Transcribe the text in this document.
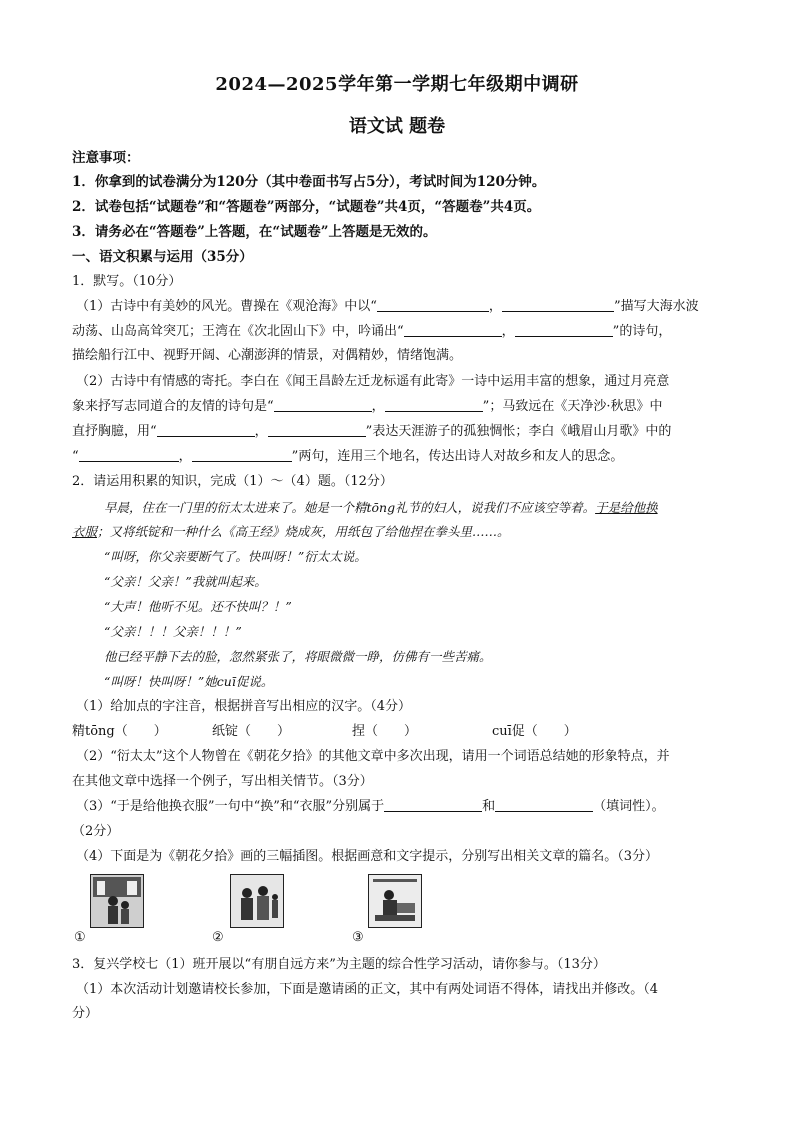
2024—2025学年第一学期七年级期中调研
语文试 题卷
注意事项：
1．你拿到的试卷满分为120分（其中卷面书写占5分），考试时间为120分钟。
2．试卷包括“试题卷”和“答题卷”两部分，“试题卷”共4页，“答题卷”共4页。
3．请务必在“答题卷”上答题，在“试题卷”上答题是无效的。
一、语文积累与运用（35分）
1．默写。（10分）
（1）古诗中有美妙的风光。曹操在《观沧海》中以“	，	”描写大海水波
动荡、山岛高耸突兀；王湾在《次北固山下》中，吟诵出“	，	”的诗句，
描绘船行江中、视野开阔、心潮澎湃的情景，对偶精妙，情绪饱满。
（2）古诗中有情感的寄托。李白在《闻王昌龄左迁龙标遥有此寄》一诗中运用丰富的想象，通过月亮意
象来抒写志同道合的友情的诗句是“	，	”；马致远在《天净沙·秋思》中
直抒胸臆，用“	，	”表达天涯游子的孤独惆怅；李白《峨眉山月歌》中的
“	，	”两句，连用三个地名，传达出诗人对故乡和友人的思念。
2．请运用积累的知识，完成（1）～（4）题。（12分）
早晨，住在一门里的衍太太进来了。她是一个精tōng礼节的妇人，说我们不应该空等着。于是给他换
衣服；又将纸锭和一种什么《高王经》烧成灰，用纸包了给他捏在拳头里……。
“叫呀，你父亲要断气了。快叫呀！”衍太太说。
“父亲！父亲！”我就叫起来。
“大声！他听不见。还不快叫？！”
“父亲！！！父亲！！！”
他已经平静下去的脸，忽然紧张了，将眼微微一睁，仿佛有一些苦痛。
“叫呀！快叫呀！”她cuī促说。
（1）给加点的字注音，根据拼音写出相应的汉字。（4分）
精tōng（　　）	纸锭（　　）	捏（　　）	cuī促（　　）
（2）“衍太太”这个人物曾在《朝花夕拾》的其他文章中多次出现，请用一个词语总结她的形象特点，并
在其他文章中选择一个例子，写出相关情节。（3分）
（3）“于是给他换衣服”一句中“换”和“衣服”分别属于	和	（填词性）。
（2分）
（4）下面是为《朝花夕拾》画的三幅插图。根据画意和文字提示，分别写出相关文章的篇名。（3分）
①	②	③
3．复兴学校七（1）班开展以“有朋自远方来”为主题的综合性学习活动，请你参与。（13分）
（1）本次活动计划邀请校长参加，下面是邀请函的正文，其中有两处词语不得体，请找出并修改。（4
分）
